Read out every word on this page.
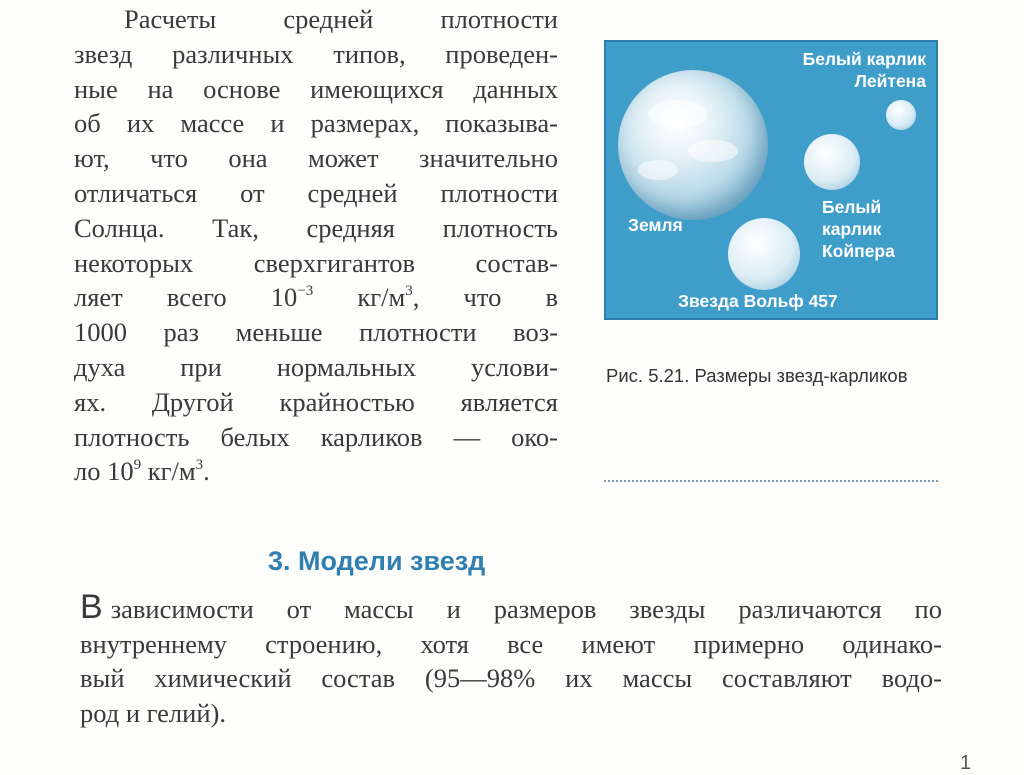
Расчеты средней плотности
звезд различных типов, проведен-
ные на основе имеющихся данных
об их массе и размерах, показыва-
ют, что она может значительно
отличаться от средней плотности
Солнца. Так, средняя плотность
некоторых сверхгигантов состав-
ляет всего $10^{-3}$ $кг/м^3$, что в
1000 раз меньше плотности воз-
духа при нормальных услови-
ях. Другой крайностью является
плотность белых карликов — око-
ло $10^9$ $кг/м^3$.
Белый карлик Лейтена
Белый карлик Койпера
Земля
Звезда Вольф 457
Рис. 5.21. Размеры звезд-карликов
3. Модели звезд
В зависимости от массы и размеров звезды различаются по
внутреннему строению, хотя все имеют примерно одинако-
вый химический состав (95—98% их массы составляют водо-
род и гелий).
1
